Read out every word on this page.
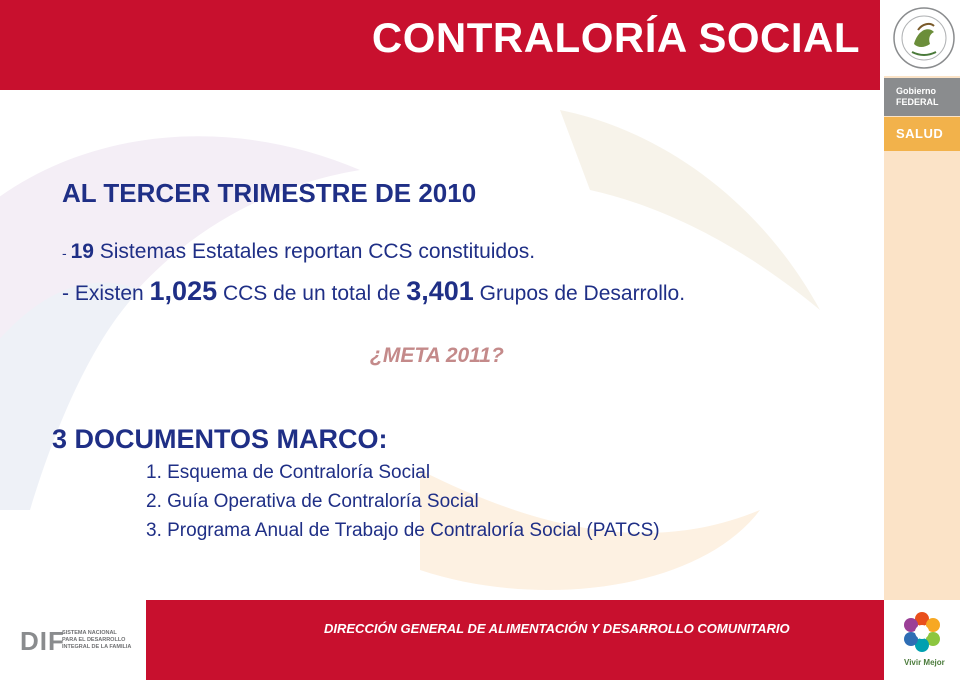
CONTRALORÍA SOCIAL
Gobierno
FEDERAL
SALUD
AL TERCER TRIMESTRE DE 2010
- 19 Sistemas Estatales reportan CCS constituidos.
- Existen 1,025 CCS de un total de 3,401 Grupos de Desarrollo.
¿META 2011?
3 DOCUMENTOS MARCO:
1. Esquema de Contraloría Social
2. Guía Operativa de Contraloría Social
3. Programa Anual de Trabajo de Contraloría Social (PATCS)
DIF
SISTEMA NACIONAL
PARA EL DESARROLLO
INTEGRAL DE LA FAMILIA
DIRECCIÓN GENERAL DE ALIMENTACIÓN Y DESARROLLO COMUNITARIO
Vivir Mejor
